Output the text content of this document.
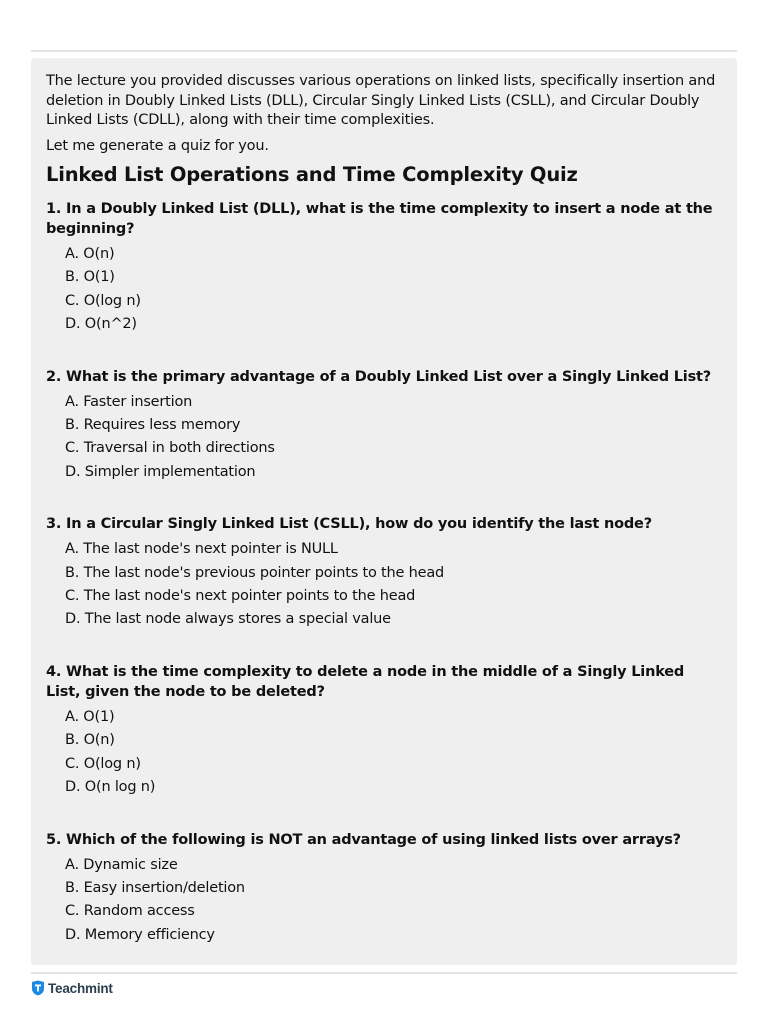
The lecture you provided discusses various operations on linked lists, specifically insertion and deletion in Doubly Linked Lists (DLL), Circular Singly Linked Lists (CSLL), and Circular Doubly Linked Lists (CDLL), along with their time complexities.

Let me generate a quiz for you.

Linked List Operations and Time Complexity Quiz

1. In a Doubly Linked List (DLL), what is the time complexity to insert a node at the beginning?

A. O(n)
B. O(1)
C. O(log n)
D. O(n^2)

2. What is the primary advantage of a Doubly Linked List over a Singly Linked List?

A. Faster insertion
B. Requires less memory
C. Traversal in both directions
D. Simpler implementation

3. In a Circular Singly Linked List (CSLL), how do you identify the last node?

A. The last node's next pointer is NULL
B. The last node's previous pointer points to the head
C. The last node's next pointer points to the head
D. The last node always stores a special value

4. What is the time complexity to delete a node in the middle of a Singly Linked List, given the node to be deleted?

A. O(1)
B. O(n)
C. O(log n)
D. O(n log n)

5. Which of the following is NOT an advantage of using linked lists over arrays?

A. Dynamic size
B. Easy insertion/deletion
C. Random access
D. Memory efficiency
Teachmint
